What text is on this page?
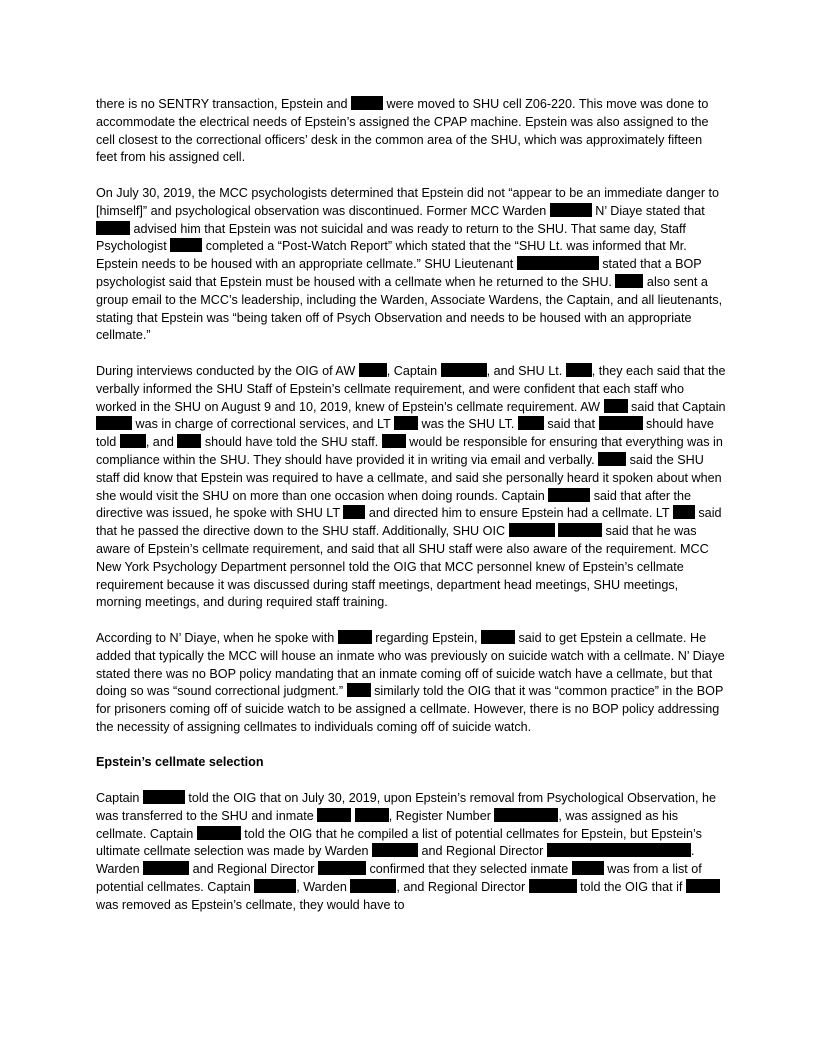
there is no SENTRY transaction, Epstein and	were moved to SHU cell Z06-220. This move was done to accommodate the electrical needs of Epstein’s assigned the CPAP machine. Epstein was also assigned to the cell closest to the correctional officers’ desk in the common area of the SHU, which was approximately fifteen feet from his assigned cell.

On July 30, 2019, the MCC psychologists determined that Epstein did not “appear to be an immediate danger to [himself]” and psychological observation was discontinued. Former MCC Warden	N’ Diaye stated that  advised him that Epstein was not suicidal and was ready to return to the SHU. That same day, Staff Psychologist	completed a “Post-Watch Report” which stated that the “SHU Lt. was informed that Mr. Epstein needs to be housed with an appropriate cellmate.” SHU Lieutenant	stated that a BOP psychologist said that Epstein must be housed with a cellmate when he returned to the SHU.  also sent a group email to the MCC’s leadership, including the Warden, Associate Wardens, the Captain, and all lieutenants, stating that Epstein was “being taken off of Psych Observation and needs to be housed with an appropriate cellmate.”

During interviews conducted by the OIG of AW , Captain	, and SHU Lt. , they each said that the verbally informed the SHU Staff of Epstein’s cellmate requirement, and were confident that each staff who worked in the SHU on August 9 and 10, 2019, knew of Epstein’s cellmate requirement. AW  said that Captain  was in charge of correctional services, and LT  was the SHU LT.  said that	should have told , and  should have told the SHU staff.  would be responsible for ensuring that everything was in compliance within the SHU. They should have provided it in writing via email and verbally.  said the SHU staff did know that Epstein was required to have a cellmate, and said she personally heard it spoken about when she would visit the SHU on more than one occasion when doing rounds. Captain	said that after the directive was issued, he spoke with SHU LT  and directed him to ensure Epstein had a cellmate. LT  said that he passed the directive down to the SHU staff. Additionally, SHU OIC	said that he was aware of Epstein’s cellmate requirement, and said that all SHU staff were also aware of the requirement. MCC New York Psychology Department personnel told the OIG that MCC personnel knew of Epstein’s cellmate requirement because it was discussed during staff meetings, department head meetings, SHU meetings, morning meetings, and during required staff training.

According to N’ Diaye, when he spoke with	regarding Epstein,	said to get Epstein a cellmate. He added that typically the MCC will house an inmate who was previously on suicide watch with a cellmate. N’ Diaye stated there was no BOP policy mandating that an inmate coming off of suicide watch have a cellmate, but that doing so was “sound correctional judgment.”  similarly told the OIG that it was “common practice” in the BOP for prisoners coming off of suicide watch to be assigned a cellmate. However, there is no BOP policy addressing the necessity of assigning cellmates to individuals coming off of suicide watch.

Epstein’s cellmate selection

Captain	told the OIG that on July 30, 2019, upon Epstein’s removal from Psychological Observation, he was transferred to the SHU and inmate	, Register Number	, was assigned as his cellmate. Captain	told the OIG that he compiled a list of potential cellmates for Epstein, but Epstein’s ultimate cellmate selection was made by Warden	and Regional Director	. Warden	and Regional Director	confirmed that they selected inmate	was from a list of potential cellmates. Captain	, Warden	, and Regional Director	told the OIG that if  was removed as Epstein’s cellmate, they would have to
